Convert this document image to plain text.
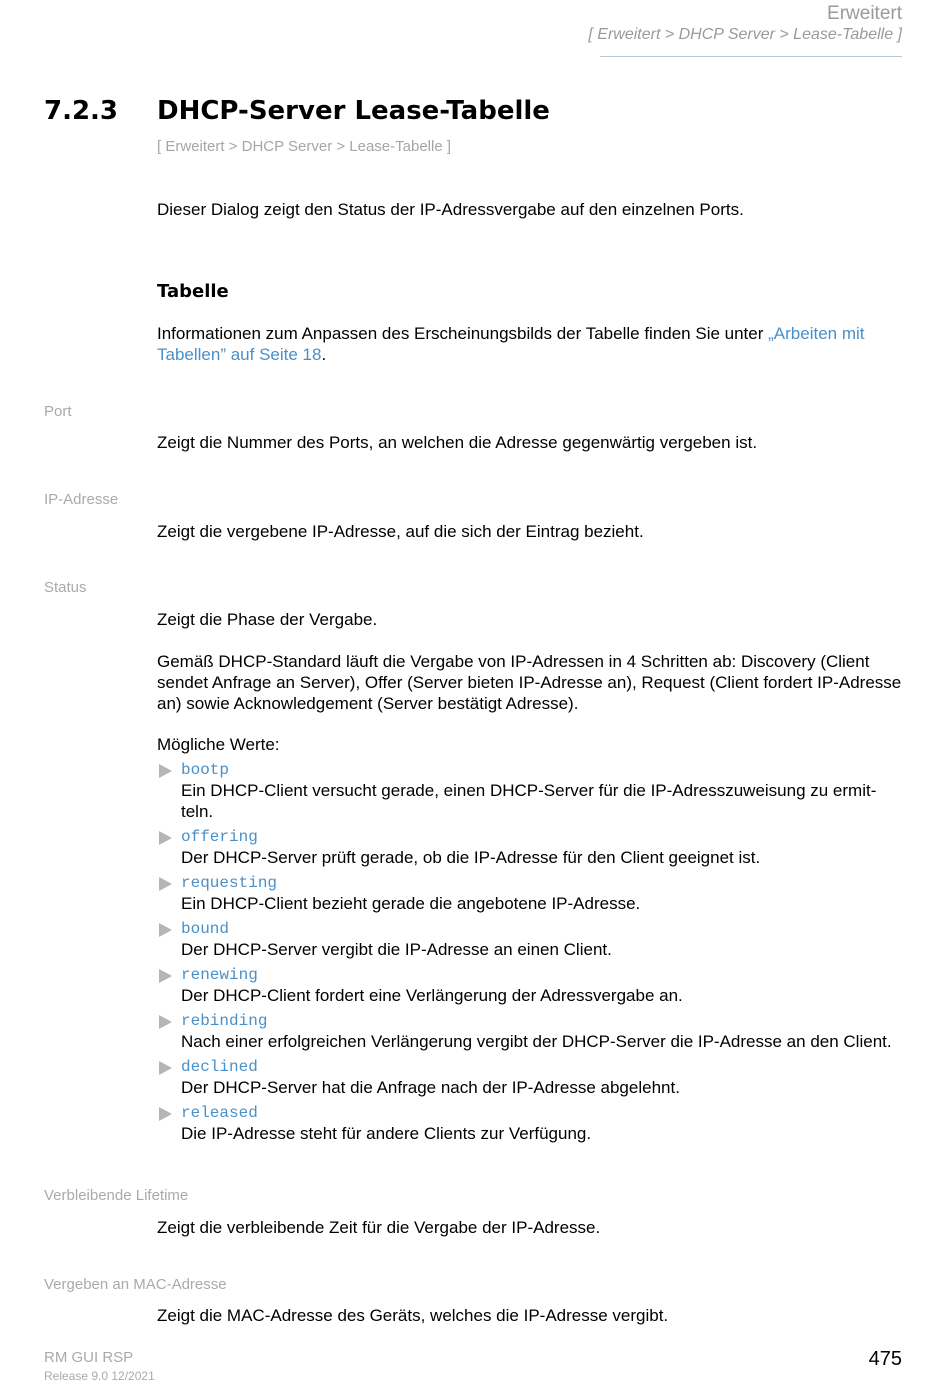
Erweitert
[ Erweitert > DHCP Server > Lease-Tabelle ]
7.2.3 DHCP-Server Lease-Tabelle
[ Erweitert > DHCP Server > Lease-Tabelle ]
Dieser Dialog zeigt den Status der IP-Adressvergabe auf den einzelnen Ports.
Tabelle
Informationen zum Anpassen des Erscheinungsbilds der Tabelle finden Sie unter „Arbeiten mit Tabellen” auf Seite 18.
Port
Zeigt die Nummer des Ports, an welchen die Adresse gegenwärtig vergeben ist.
IP-Adresse
Zeigt die vergebene IP-Adresse, auf die sich der Eintrag bezieht.
Status
Zeigt die Phase der Vergabe.
Gemäß DHCP-Standard läuft die Vergabe von IP-Adressen in 4 Schritten ab: Discovery (Client sendet Anfrage an Server), Offer (Server bieten IP-Adresse an), Request (Client fordert IP-Adresse an) sowie Acknowledgement (Server bestätigt Adresse).
Mögliche Werte:
bootp
Ein DHCP-Client versucht gerade, einen DHCP-Server für die IP-Adresszuweisung zu ermit-teln.
offering
Der DHCP-Server prüft gerade, ob die IP-Adresse für den Client geeignet ist.
requesting
Ein DHCP-Client bezieht gerade die angebotene IP-Adresse.
bound
Der DHCP-Server vergibt die IP-Adresse an einen Client.
renewing
Der DHCP-Client fordert eine Verlängerung der Adressvergabe an.
rebinding
Nach einer erfolgreichen Verlängerung vergibt der DHCP-Server die IP-Adresse an den Client.
declined
Der DHCP-Server hat die Anfrage nach der IP-Adresse abgelehnt.
released
Die IP-Adresse steht für andere Clients zur Verfügung.
Verbleibende Lifetime
Zeigt die verbleibende Zeit für die Vergabe der IP-Adresse.
Vergeben an MAC-Adresse
Zeigt die MAC-Adresse des Geräts, welches die IP-Adresse vergibt.
RM GUI RSP
Release 9.0 12/2021
475
